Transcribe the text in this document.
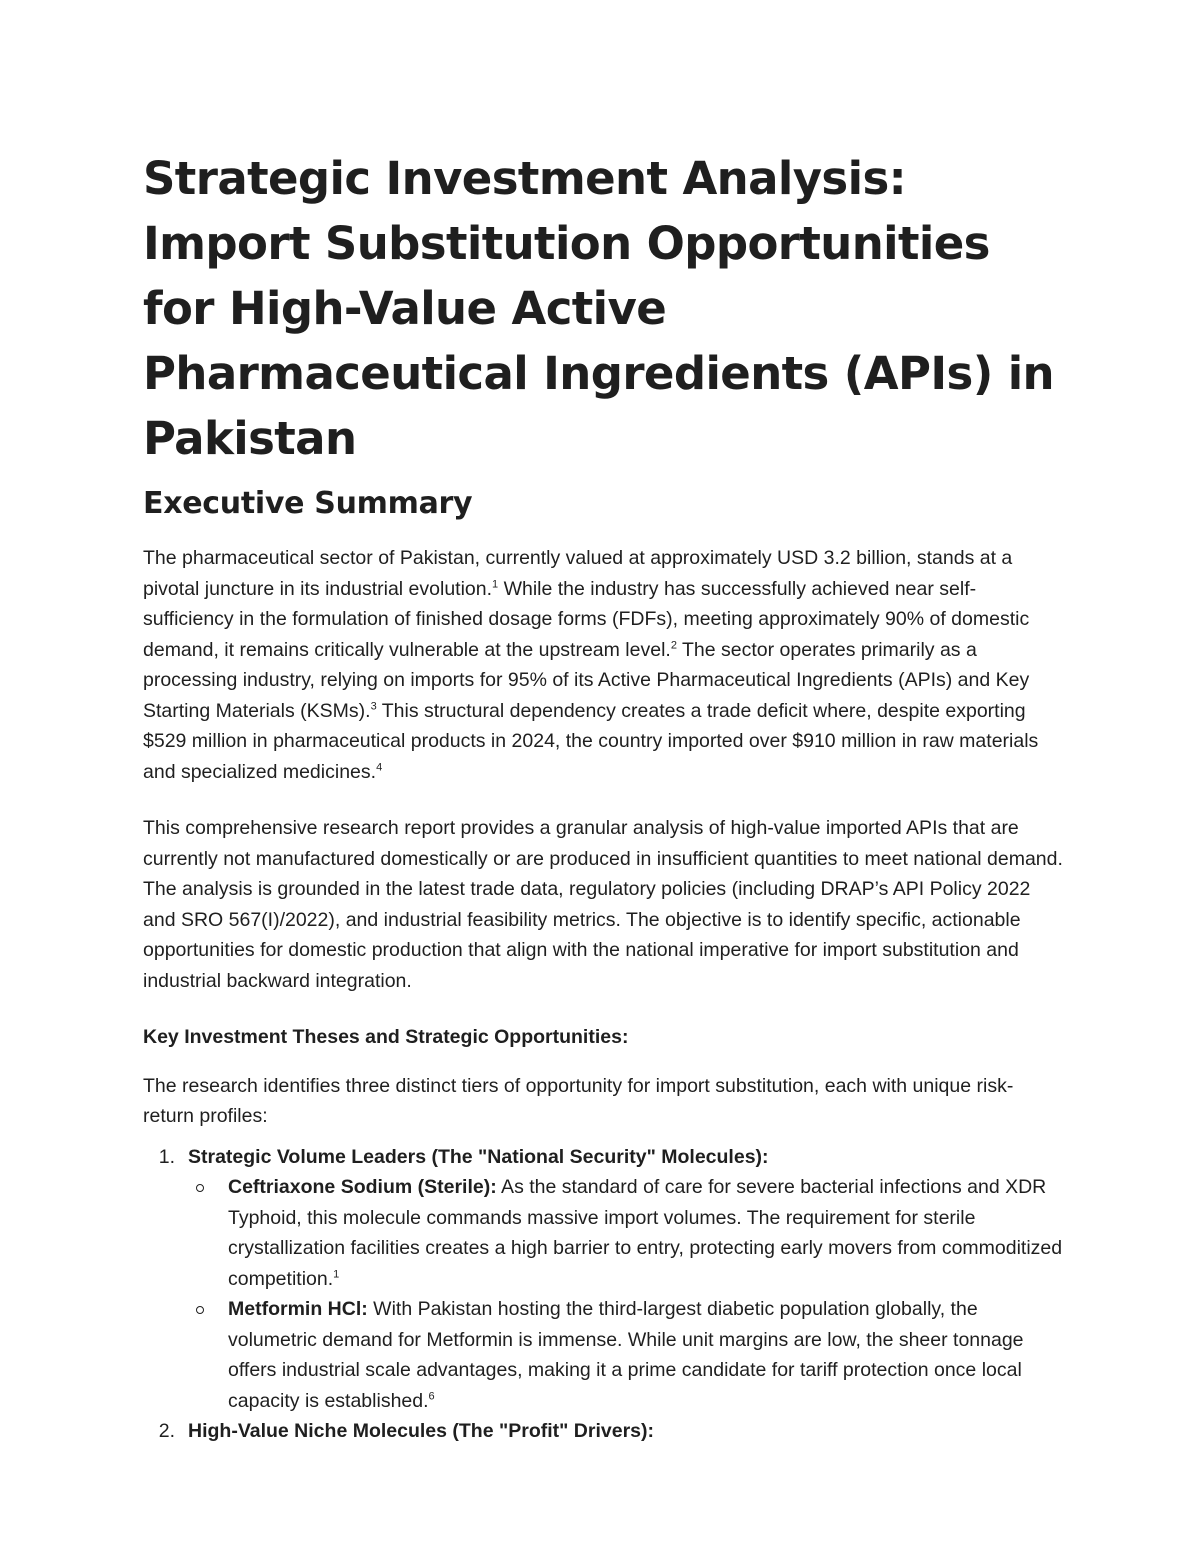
Strategic Investment Analysis: Import Substitution Opportunities for High-Value Active Pharmaceutical Ingredients (APIs) in Pakistan
Executive Summary

The pharmaceutical sector of Pakistan, currently valued at approximately USD 3.2 billion, stands at a pivotal juncture in its industrial evolution.$^1$ While the industry has successfully achieved near self-sufficiency in the formulation of finished dosage forms (FDFs), meeting approximately 90% of domestic demand, it remains critically vulnerable at the upstream level.$^2$ The sector operates primarily as a processing industry, relying on imports for 95% of its Active Pharmaceutical Ingredients (APIs) and Key Starting Materials (KSMs).$^3$ This structural dependency creates a trade deficit where, despite exporting $529 million in pharmaceutical products in 2024, the country imported over $910 million in raw materials and specialized medicines.$^4$

This comprehensive research report provides a granular analysis of high-value imported APIs that are currently not manufactured domestically or are produced in insufficient quantities to meet national demand. The analysis is grounded in the latest trade data, regulatory policies (including DRAP’s API Policy 2022 and SRO 567(I)/2022), and industrial feasibility metrics. The objective is to identify specific, actionable opportunities for domestic production that align with the national imperative for import substitution and industrial backward integration.

Key Investment Theses and Strategic Opportunities:

The research identifies three distinct tiers of opportunity for import substitution, each with unique risk-return profiles:

1. Strategic Volume Leaders (The "National Security" Molecules):
Ceftriaxone Sodium (Sterile): As the standard of care for severe bacterial infections and XDR Typhoid, this molecule commands massive import volumes. The requirement for sterile crystallization facilities creates a high barrier to entry, protecting early movers from commoditized competition.$^1$
Metformin HCl: With Pakistan hosting the third-largest diabetic population globally, the volumetric demand for Metformin is immense. While unit margins are low, the sheer tonnage offers industrial scale advantages, making it a prime candidate for tariff protection once local capacity is established.$^6$
2. High-Value Niche Molecules (The "Profit" Drivers):
